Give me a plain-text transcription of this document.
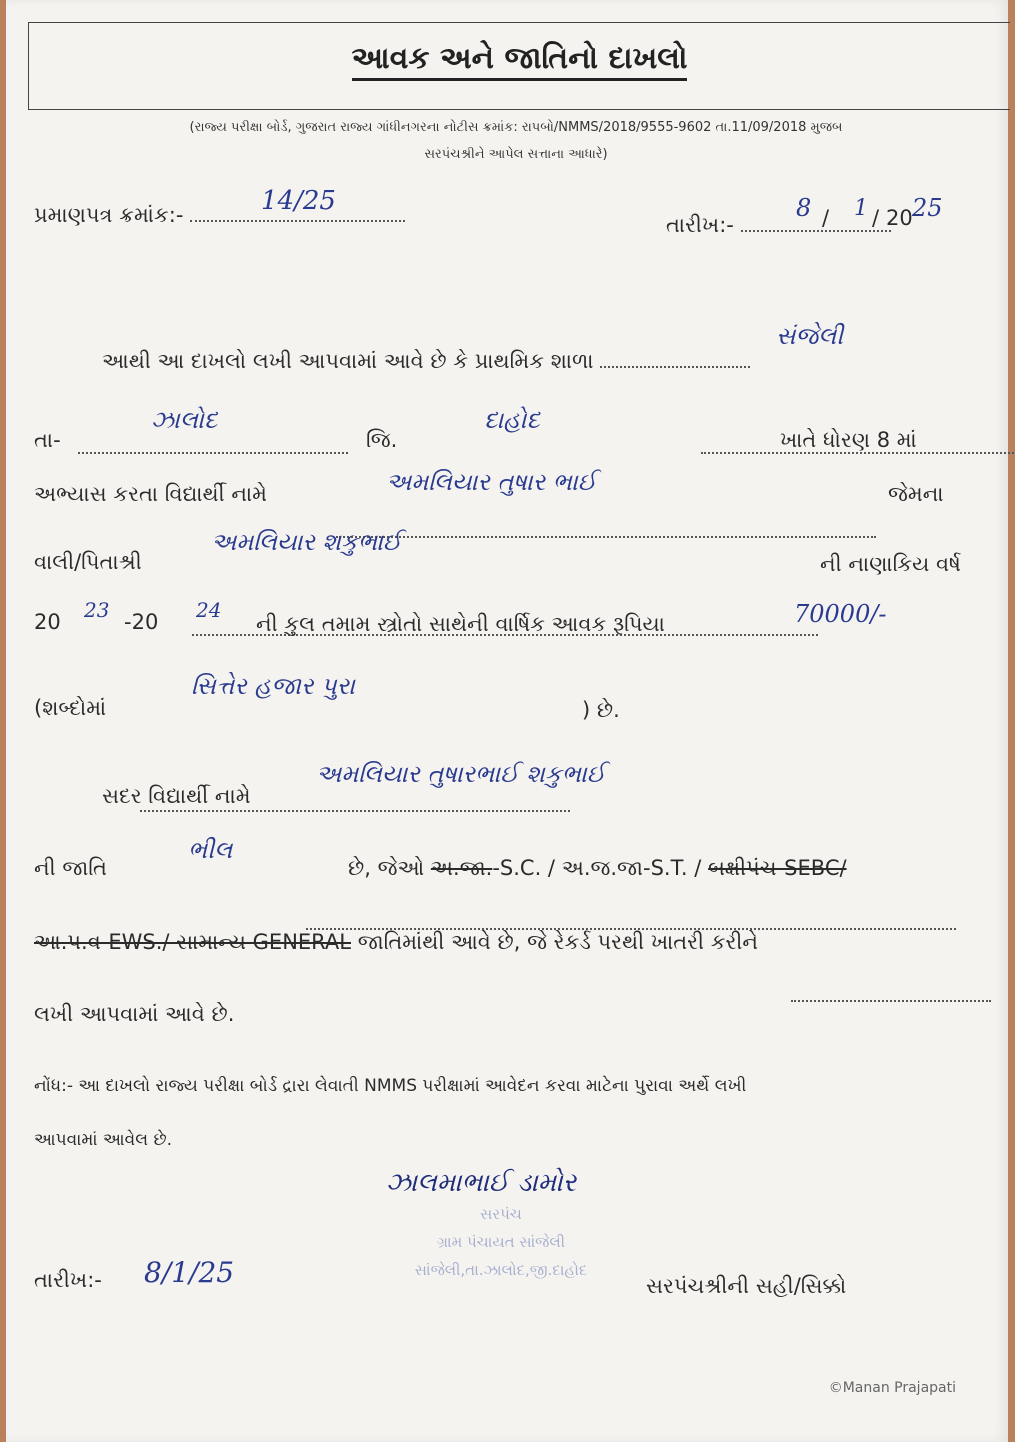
આવક અને જાતિનો દાખલો
(રાજ્ય પરીક્ષા બોર્ડ, ગુજરાત રાજ્ય ગાંધીનગરના નોટીસ ક્રમાંક: રાપબો/NMMS/2018/9555-9602 તા.11/09/2018 મુજબ
સરપંચશ્રીને આપેલ સત્તાના આધારે)
પ્રમાણપત્ર ક્રમાંક:-	14/25
તારીખ:-
8 / 1 / 20 25
આથી આ દાખલો લખી આપવામાં આવે છે કે પ્રાથમિક શાળા
સંજેલી
તા-

ઝાલોદ
જિ.

દાહોદ
ખાતે ધોરણ 8 માં
અભ્યાસ કરતા વિદ્યાર્થી નામે
	અમલિયાર તુષાર ભાઈ	જેમના
વાલી/પિતાશ્રી

અમલિયાર શકુભાઈ
ની નાણાકિય વર્ષ
20 23 -20 24
ની કુલ તમામ સ્ત્રોતો સાથેની વાર્ષિક આવક રૂપિયા
	70000/-
(શબ્દોમાં

સિત્તેર હજાર પુરા
) છે.
સદર વિદ્યાર્થી નામે

અમલિયાર તુષારભાઈ શકુભાઈ
ની જાતિ
ભીલ
છે, જેઓ અ.જા.-S.C. / અ.જ.જા-S.T. / બક્ષીપંચ-SEBC/
આ.પ.વ-EWS./ સામાન્ય GENERAL જાતિમાંથી આવે છે, જે રેકર્ડ પરથી ખાતરી કરીને
લખી આપવામાં આવે છે.
નોંધ:- આ દાખલો રાજ્ય પરીક્ષા બોર્ડ દ્રારા લેવાતી NMMS પરીક્ષામાં આવેદન કરવા માટેના પુરાવા અર્થે લખી
આપવામાં આવેલ છે.
ઝાલમાભાઈ ડામોર
સરપંચ
ગ્રામ પંચાયત સાંજેલી
સાંજેલી,તા.ઝાલોદ,જી.દાહોદ
તારીખ:- 8/1/25	સરપંચશ્રીની સહી/સિક્કો
©Manan Prajapati
